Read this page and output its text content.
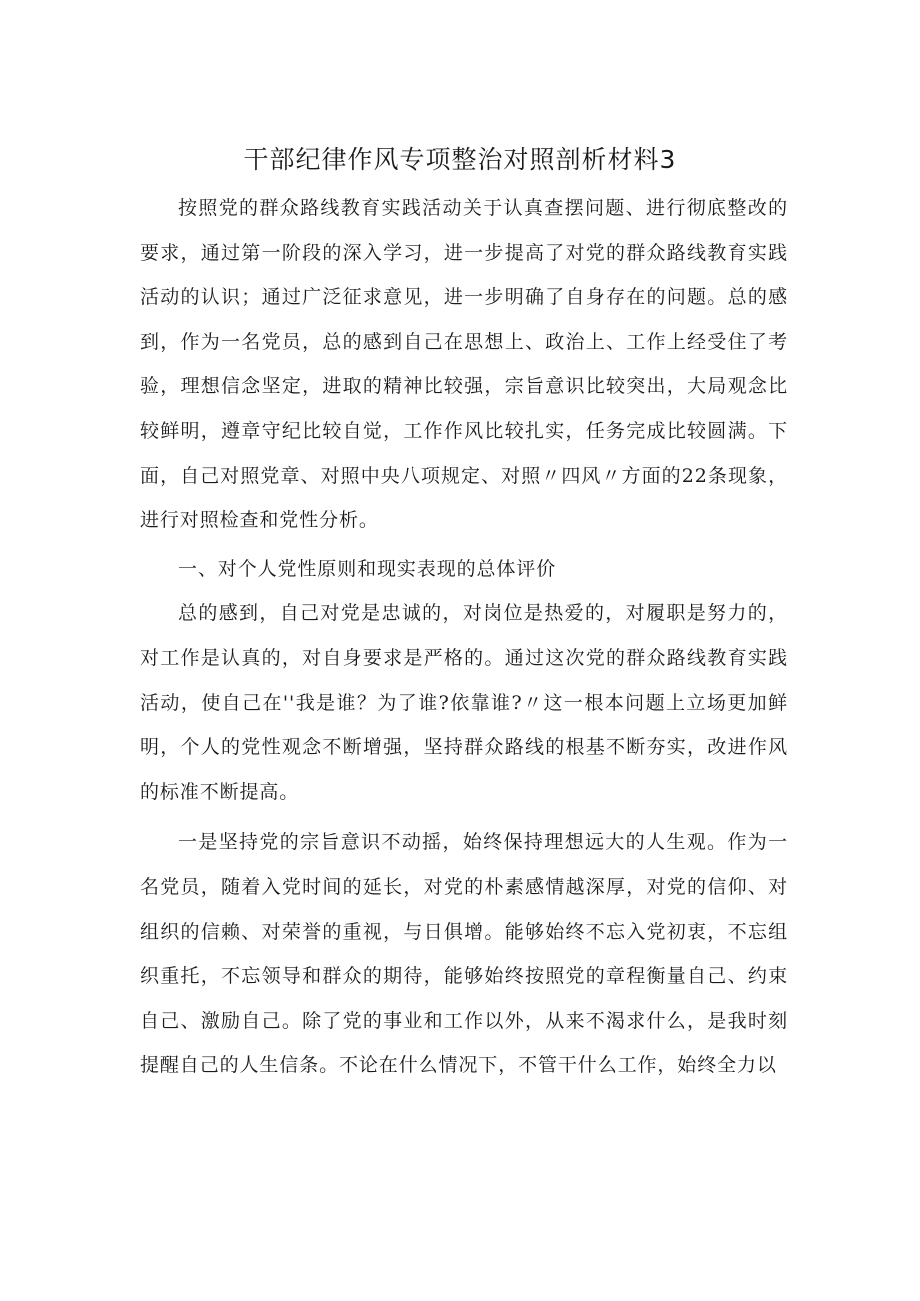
干部纪律作风专项整治对照剖析材料3

按照党的群众路线教育实践活动关于认真查摆问题、进行彻底整改的要求，通过第一阶段的深入学习，进一步提高了对党的群众路线教育实践活动的认识；通过广泛征求意见，进一步明确了自身存在的问题。总的感到，作为一名党员，总的感到自己在思想上、政治上、工作上经受住了考验，理想信念坚定，进取的精神比较强，宗旨意识比较突出，大局观念比较鲜明，遵章守纪比较自觉，工作作风比较扎实，任务完成比较圆满。下面，自己对照党章、对照中央八项规定、对照〃四风〃方面的22条现象，进行对照检查和党性分析。

一、对个人党性原则和现实表现的总体评价

总的感到，自己对党是忠诚的，对岗位是热爱的，对履职是努力的，对工作是认真的，对自身要求是严格的。通过这次党的群众路线教育实践活动，使自己在''我是谁？为了谁?依靠谁?〃这一根本问题上立场更加鲜明，个人的党性观念不断增强，坚持群众路线的根基不断夯实，改进作风的标准不断提高。

一是坚持党的宗旨意识不动摇，始终保持理想远大的人生观。作为一名党员，随着入党时间的延长，对党的朴素感情越深厚，对党的信仰、对组织的信赖、对荣誉的重视，与日俱增。能够始终不忘入党初衷，不忘组织重托，不忘领导和群众的期待，能够始终按照党的章程衡量自己、约束自己、激励自己。除了党的事业和工作以外，从来不渴求什么，是我时刻提醒自己的人生信条。不论在什么情况下，不管干什么工作，始终全力以
